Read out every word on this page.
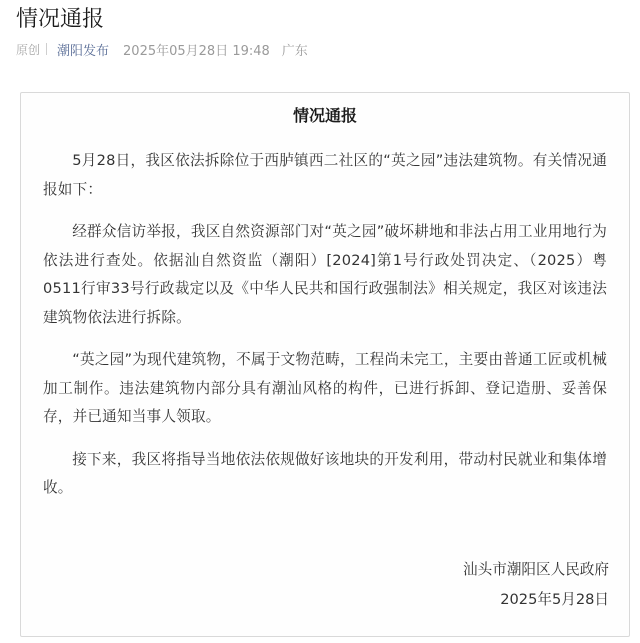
情况通报
原创 潮阳发布 2025年05月28日 19:48 广东
情况通报

5月28日，我区依法拆除位于西胪镇西二社区的“英之园”违法建筑物。有关情况通报如下：

经群众信访举报，我区自然资源部门对“英之园”破坏耕地和非法占用工业用地行为依法进行查处。依据汕自然资监（潮阳）[2024]第1号行政处罚决定、（2025）粤0511行审33号行政裁定以及《中华人民共和国行政强制法》相关规定，我区对该违法建筑物依法进行拆除。

“英之园”为现代建筑物，不属于文物范畴，工程尚未完工，主要由普通工匠或机械加工制作。违法建筑物内部分具有潮汕风格的构件，已进行拆卸、登记造册、妥善保存，并已通知当事人领取。

接下来，我区将指导当地依法依规做好该地块的开发利用，带动村民就业和集体增收。

汕头市潮阳区人民政府
2025年5月28日
